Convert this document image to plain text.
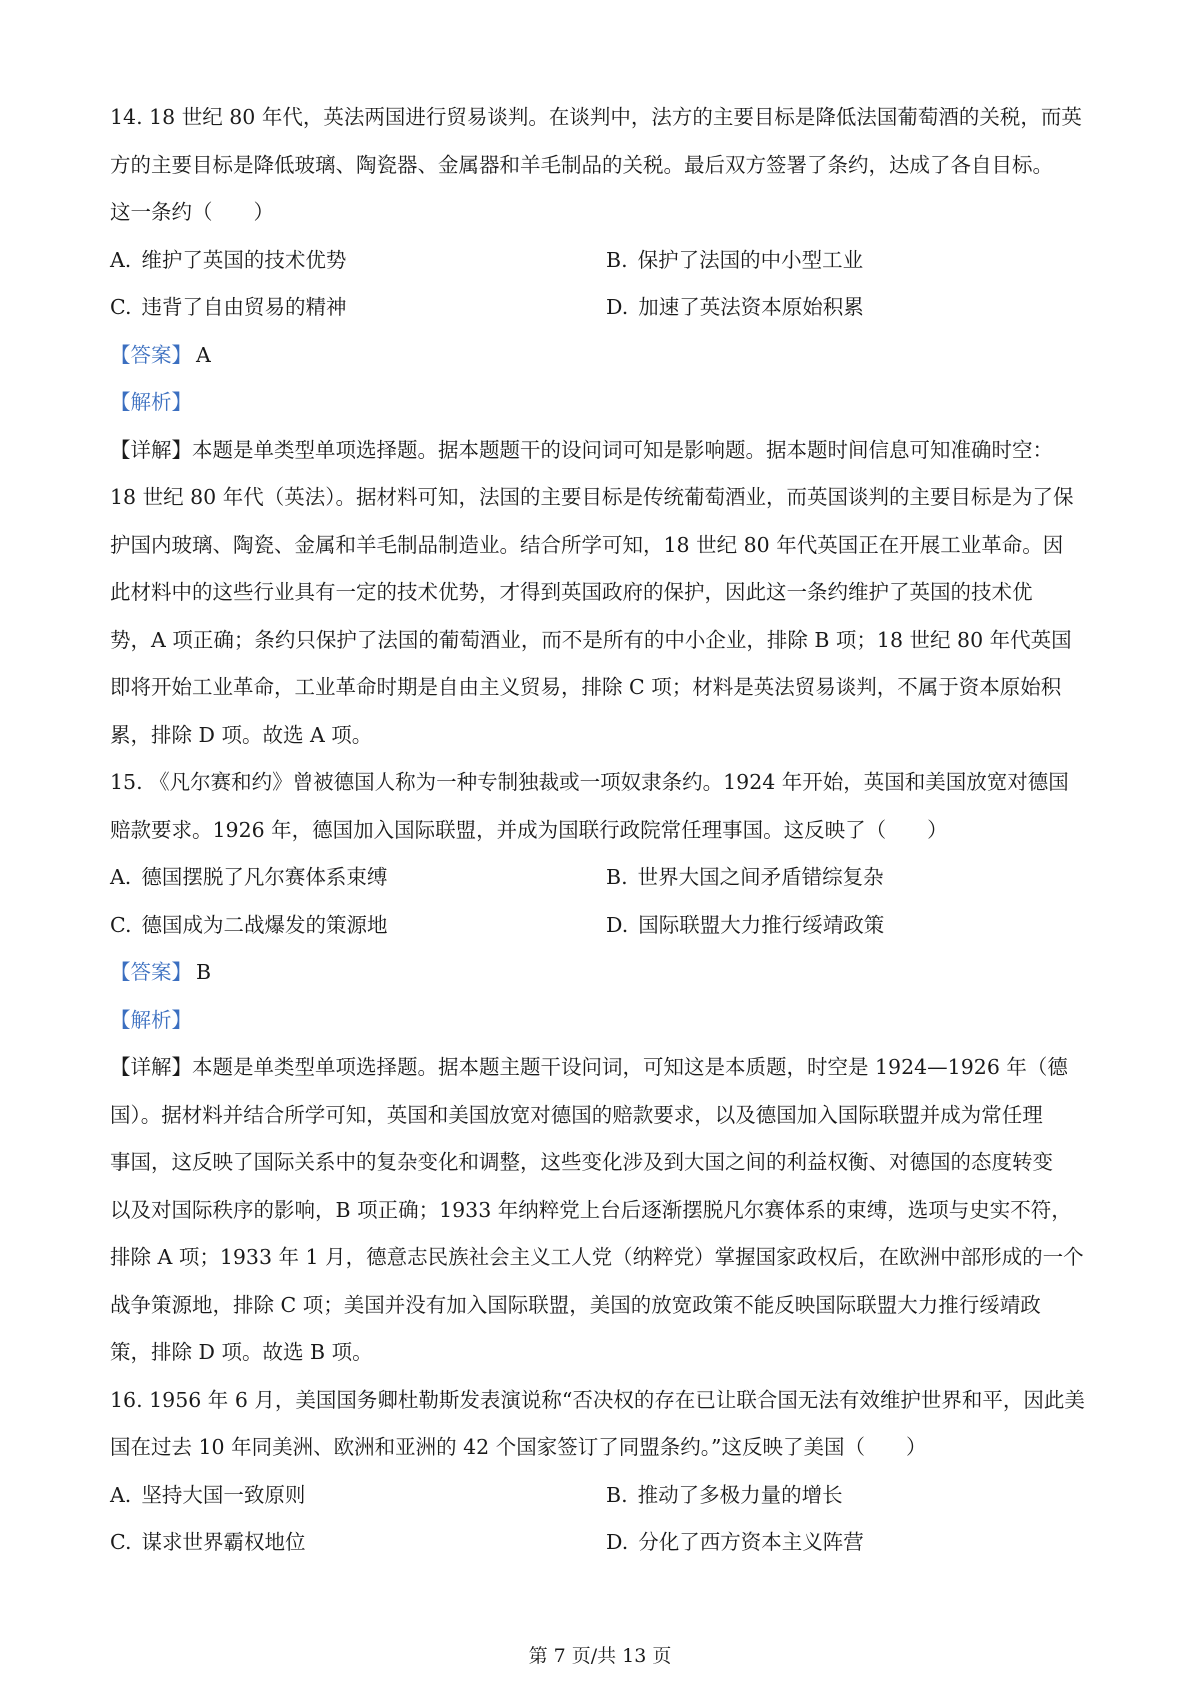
14. 18 世纪 80 年代，英法两国进行贸易谈判。在谈判中，法方的主要目标是降低法国葡萄酒的关税，而英

方的主要目标是降低玻璃、陶瓷器、金属器和羊毛制品的关税。最后双方签署了条约，达成了各自目标。

这一条约（　　）

A. 维护了英国的技术优势	B. 保护了法国的中小型工业
C. 违背了自由贸易的精神	D. 加速了英法资本原始积累
【答案】 A
【解析】

【详解】本题是单类型单项选择题。据本题题干的设问词可知是影响题。据本题时间信息可知准确时空：

18 世纪 80 年代（英法）。据材料可知，法国的主要目标是传统葡萄酒业，而英国谈判的主要目标是为了保

护国内玻璃、陶瓷、金属和羊毛制品制造业。结合所学可知，18 世纪 80 年代英国正在开展工业革命。因

此材料中的这些行业具有一定的技术优势，才得到英国政府的保护，因此这一条约维护了英国的技术优

势，A 项正确；条约只保护了法国的葡萄酒业，而不是所有的中小企业，排除 B 项；18 世纪 80 年代英国

即将开始工业革命，工业革命时期是自由主义贸易，排除 C 项；材料是英法贸易谈判，不属于资本原始积

累，排除 D 项。故选 A 项。

15. 《凡尔赛和约》曾被德国人称为一种专制独裁或一项奴隶条约。1924 年开始，英国和美国放宽对德国

赔款要求。1926 年，德国加入国际联盟，并成为国联行政院常任理事国。这反映了（　　）

A. 德国摆脱了凡尔赛体系束缚	B. 世界大国之间矛盾错综复杂
C. 德国成为二战爆发的策源地	D. 国际联盟大力推行绥靖政策
【答案】 B
【解析】

【详解】本题是单类型单项选择题。据本题主题干设问词，可知这是本质题，时空是 1924—1926 年（德

国）。据材料并结合所学可知，英国和美国放宽对德国的赔款要求，以及德国加入国际联盟并成为常任理

事国，这反映了国际关系中的复杂变化和调整，这些变化涉及到大国之间的利益权衡、对德国的态度转变

以及对国际秩序的影响，B 项正确；1933 年纳粹党上台后逐渐摆脱凡尔赛体系的束缚，选项与史实不符，

排除 A 项；1933 年 1 月，德意志民族社会主义工人党（纳粹党）掌握国家政权后，在欧洲中部形成的一个

战争策源地，排除 C 项；美国并没有加入国际联盟，美国的放宽政策不能反映国际联盟大力推行绥靖政

策，排除 D 项。故选 B 项。

16. 1956 年 6 月，美国国务卿杜勒斯发表演说称“否决权的存在已让联合国无法有效维护世界和平，因此美

国在过去 10 年同美洲、欧洲和亚洲的 42 个国家签订了同盟条约。”这反映了美国（　　）

A. 坚持大国一致原则	B. 推动了多极力量的增长
C. 谋求世界霸权地位	D. 分化了西方资本主义阵营
第 7 页/共 13 页
